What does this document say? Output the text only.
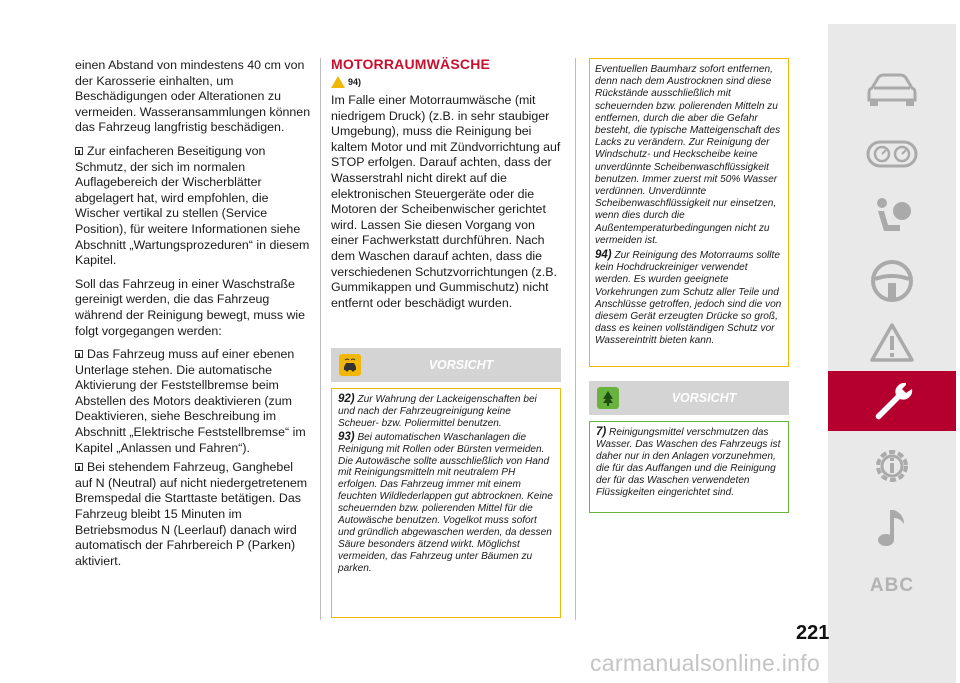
einen Abstand von mindestens 40 cm von der Karosserie einhalten, um Beschädigungen oder Alterationen zu vermeiden. Wasseransammlungen können das Fahrzeug langfristig beschädigen.

Zur einfacheren Beseitigung von Schmutz, der sich im normalen Auflagebereich der Wischerblätter abgelagert hat, wird empfohlen, die Wischer vertikal zu stellen (Service Position), für weitere Informationen siehe Abschnitt „Wartungsprozeduren“ in diesem Kapitel.

Soll das Fahrzeug in einer Waschstraße gereinigt werden, die das Fahrzeug während der Reinigung bewegt, muss wie folgt vorgegangen werden:

Das Fahrzeug muss auf einer ebenen Unterlage stehen. Die automatische Aktivierung der Feststellbremse beim Abstellen des Motors deaktivieren (zum Deaktivieren, siehe Beschreibung im Abschnitt „Elektrische Feststellbremse“ im Kapitel „Anlassen und Fahren“).

Bei stehendem Fahrzeug, Ganghebel auf N (Neutral) auf nicht niedergetretenem Bremspedal die Starttaste betätigen. Das Fahrzeug bleibt 15 Minuten im Betriebsmodus N (Leerlauf) danach wird automatisch der Fahrbereich P (Parken) aktiviert.

MOTORRAUMWÄSCHE
94)

Im Falle einer Motorraumwäsche (mit niedrigem Druck) (z.B. in sehr staubiger Umgebung), muss die Reinigung bei kaltem Motor und mit Zündvorrichtung auf STOP erfolgen. Darauf achten, dass der Wasserstrahl nicht direkt auf die elektronischen Steuergeräte oder die Motoren der Scheibenwischer gerichtet wird. Lassen Sie diesen Vorgang von einer Fachwerkstatt durchführen. Nach dem Waschen darauf achten, dass die verschiedenen Schutzvorrichtungen (z.B. Gummikappen und Gummischutz) nicht entfernt oder beschädigt wurden.

VORSICHT

92) Zur Wahrung der Lackeigenschaften bei und nach der Fahrzeugreinigung keine Scheuer- bzw. Poliermittel benutzen.

93) Bei automatischen Waschanlagen die Reinigung mit Rollen oder Bürsten vermeiden. Die Autowäsche sollte ausschließlich von Hand mit Reinigungsmitteln mit neutralem PH erfolgen. Das Fahrzeug immer mit einem feuchten Wildlederlappen gut abtrocknen. Keine scheuernden bzw. polierenden Mittel für die Autowäsche benutzen. Vogelkot muss sofort und gründlich abgewaschen werden, da dessen Säure besonders ätzend wirkt. Möglichst vermeiden, das Fahrzeug unter Bäumen zu parken.

Eventuellen Baumharz sofort entfernen, denn nach dem Austrocknen sind diese Rückstände ausschließlich mit scheuernden bzw. polierenden Mitteln zu entfernen, durch die aber die Gefahr besteht, die typische Matteigenschaft des Lacks zu verändern. Zur Reinigung der Windschutz- und Heckscheibe keine unverdünnte Scheibenwaschflüssigkeit benutzen. Immer zuerst mit 50% Wasser verdünnen. Unverdünnte Scheibenwaschflüssigkeit nur einsetzen, wenn dies durch die Außentemperaturbedingungen nicht zu vermeiden ist.

94) Zur Reinigung des Motorraums sollte kein Hochdruckreiniger verwendet werden. Es wurden geeignete Vorkehrungen zum Schutz aller Teile und Anschlüsse getroffen, jedoch sind die von diesem Gerät erzeugten Drücke so groß, dass es keinen vollständigen Schutz vor Wassereintritt bieten kann.

VORSICHT

7) Reinigungsmittel verschmutzen das Wasser. Das Waschen des Fahrzeugs ist daher nur in den Anlagen vorzunehmen, die für das Auffangen und die Reinigung der für das Waschen verwendeten Flüssigkeiten eingerichtet sind.

ABC
221
carmanualsonline.info
